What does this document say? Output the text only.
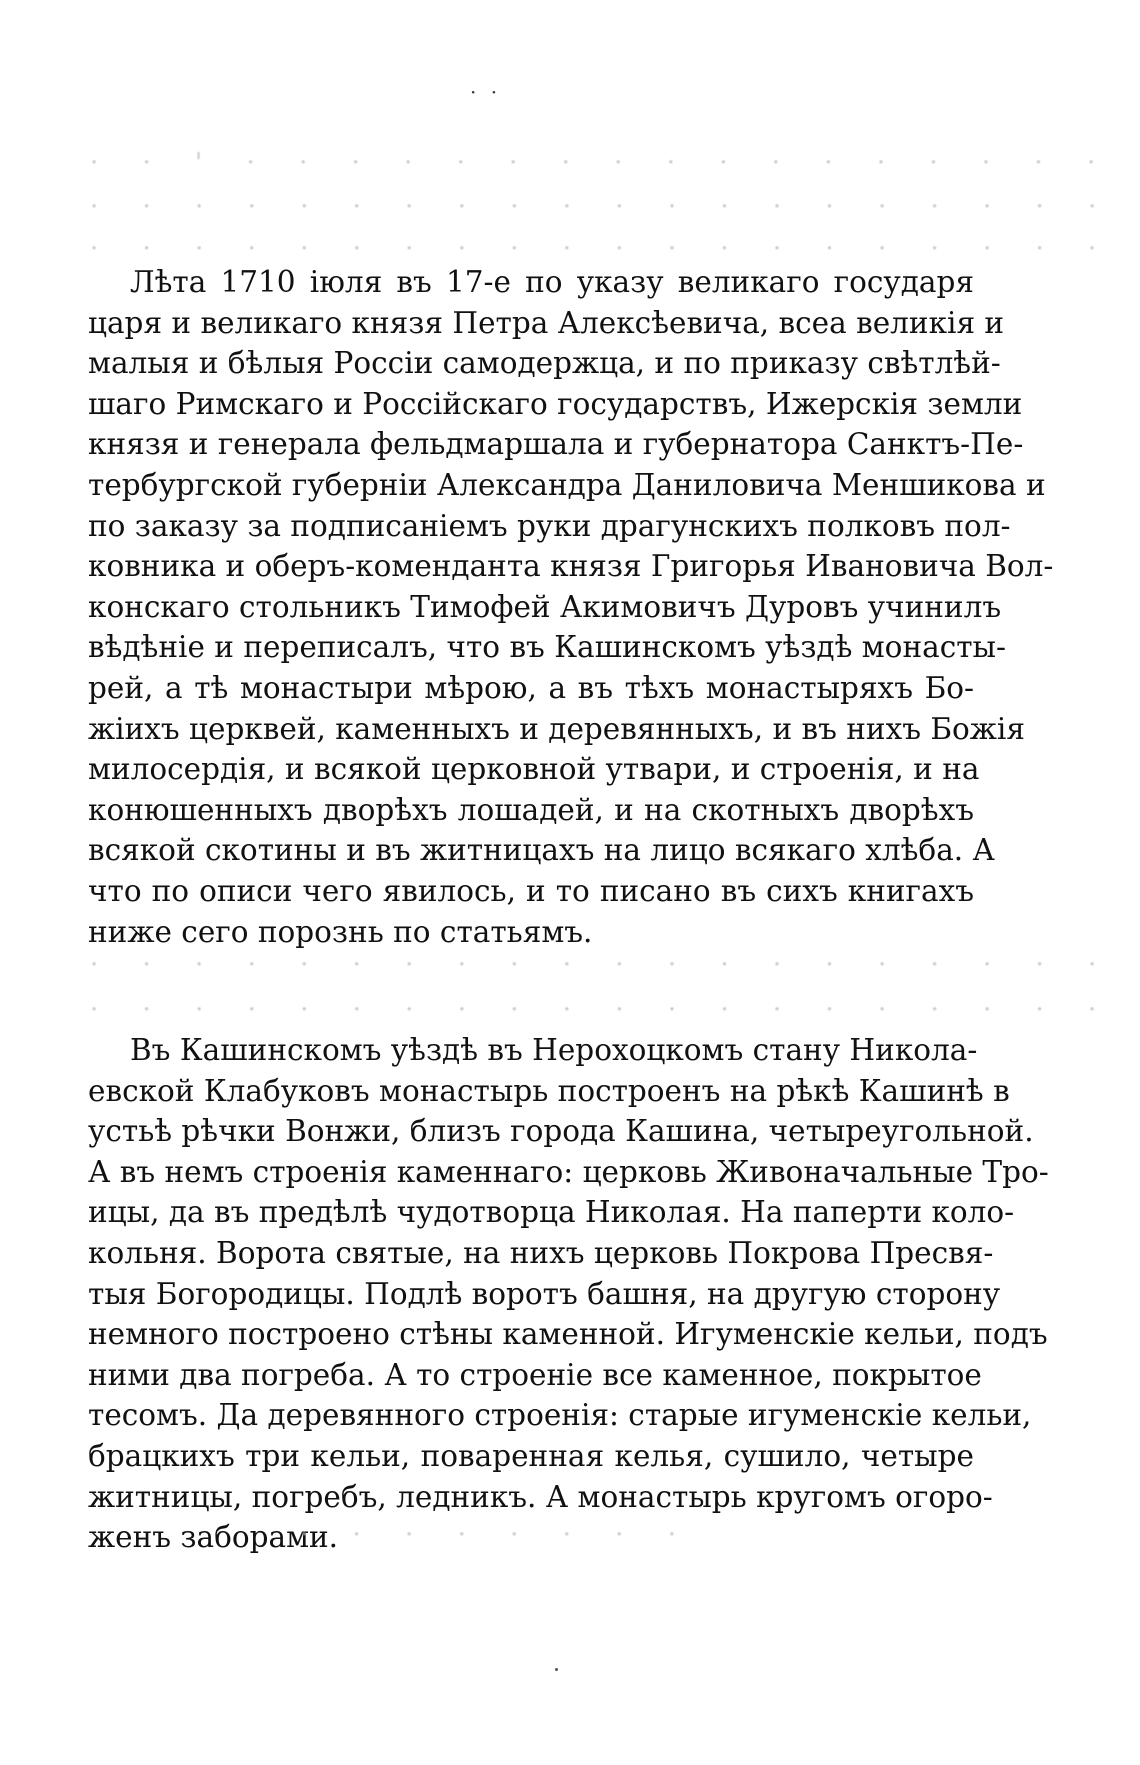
· ·
· · ' · · · · · · · · · · · · · · · · ·
· · · · · · · · · · · · · · · · · · · ·
· · · · · · · · · · · · · · · · · · · ·
Лѣта 1710 іюля въ 17-е по указу великаго государя
царя и великаго князя Петра Алексѣевича, всеа великія и
малыя и бѣлыя Россіи самодержца, и по приказу свѣтлѣй-
шаго Римскаго и Россійскаго государствъ, Ижерскія земли
князя и генерала фельдмаршала и губернатора Санктъ-Пе-
тербургской губерніи Александра Даниловича Меншикова и
по заказу за подписаніемъ руки драгунскихъ полковъ пол-
ковника и оберъ-коменданта князя Григорья Ивановича Вол-
конскаго стольникъ Тимофей Акимовичъ Дуровъ учинилъ
вѣдѣніе и переписалъ, что въ Кашинскомъ уѣздѣ монасты-
рей, а тѣ монастыри мѣрою, а въ тѣхъ монастыряхъ Бо-
жіихъ церквей, каменныхъ и деревянныхъ, и въ нихъ Божія
милосердія, и всякой церковной утвари, и строенія, и на
конюшенныхъ дворѣхъ лошадей, и на скотныхъ дворѣхъ
всякой скотины и въ житницахъ на лицо всякаго хлѣба. А
что по описи чего явилось, и то писано въ сихъ книгахъ
ниже сего порознь по статьямъ.
· · · · · · · · · · · · · · · · · · · ·
· · · · · · · · · · · · · · · · · · · ·
Въ Кашинскомъ уѣздѣ въ Нерохоцкомъ стану Николa-
евской Клабуковъ монастырь построенъ на рѣкѣ Кашинѣ в
устьѣ рѣчки Вонжи, близъ города Кашина, четыреугольной.
А въ немъ строенія каменнаго: церковь Живоначальные Тро-
ицы, да въ предѣлѣ чудотворца Николая. На паперти коло-
кольня. Ворота святые, на нихъ церковь Покрова Пресвя-
тыя Богородицы. Подлѣ воротъ башня, на другую сторону
немного построено стѣны каменной. Игуменскіе кельи, подъ
ними два погреба. А то строеніе все каменное, покрытое
тесомъ. Да деревянного строенія: старые игуменскіе кельи,
брацкихъ три кельи, поваренная келья, сушило, четыре
житницы, погребъ, ледникъ. А монастырь кругомъ огоро-
женъ заборами.
· · · · · · · ·
